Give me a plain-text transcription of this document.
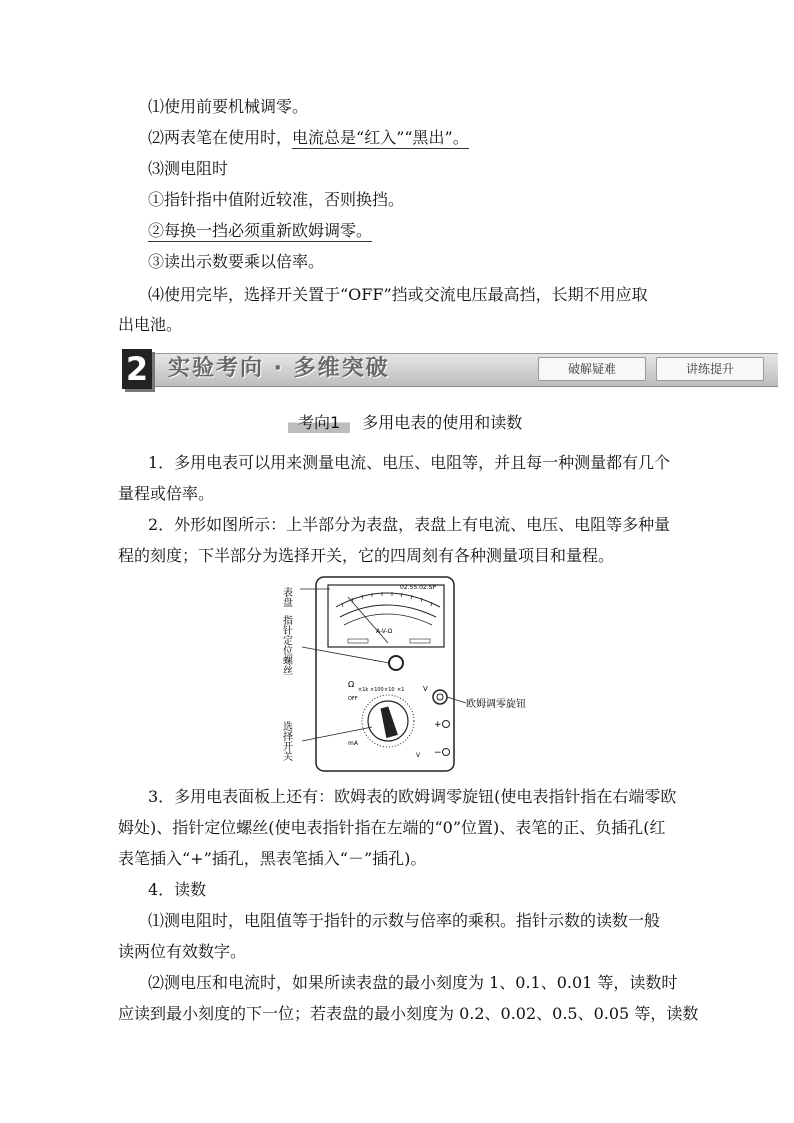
⑴使用前要机械调零。
⑵两表笔在使用时，电流总是“红入”“黑出”。
⑶测电阻时
①指针指中值附近较准，否则换挡。
②每换一挡必须重新欧姆调零。
③读出示数要乘以倍率。
⑷使用完毕，选择开关置于“OFF”挡或交流电压最高挡，长期不用应取
出电池。
2 实验考向 · 多维突破	破解疑难	讲练提升
考向1 多用电表的使用和读数
1．多用电表可以用来测量电流、电压、电阻等，并且每一种测量都有几个
量程或倍率。
2．外形如图所示：上半部分为表盘，表盘上有电流、电压、电阻等多种量
程的刻度；下半部分为选择开关，它的四周刻有各种测量项目和量程。
02.55.02.SP
A-V-Ω
Ω
×1k ×100 ×10 ×1
OFF
mA
V
V
+
−
表盘
指针定位螺丝
选择开关
欧姆调零旋钮
3．多用电表面板上还有：欧姆表的欧姆调零旋钮(使电表指针指在右端零欧
姆处)、指针定位螺丝(使电表指针指在左端的“0”位置)、表笔的正、负插孔(红
表笔插入“+”插孔，黑表笔插入“－”插孔)。
4．读数
⑴测电阻时，电阻值等于指针的示数与倍率的乘积。指针示数的读数一般
读两位有效数字。
⑵测电压和电流时，如果所读表盘的最小刻度为 1、0.1、0.01 等，读数时
应读到最小刻度的下一位；若表盘的最小刻度为 0.2、0.02、0.5、0.05 等，读数
